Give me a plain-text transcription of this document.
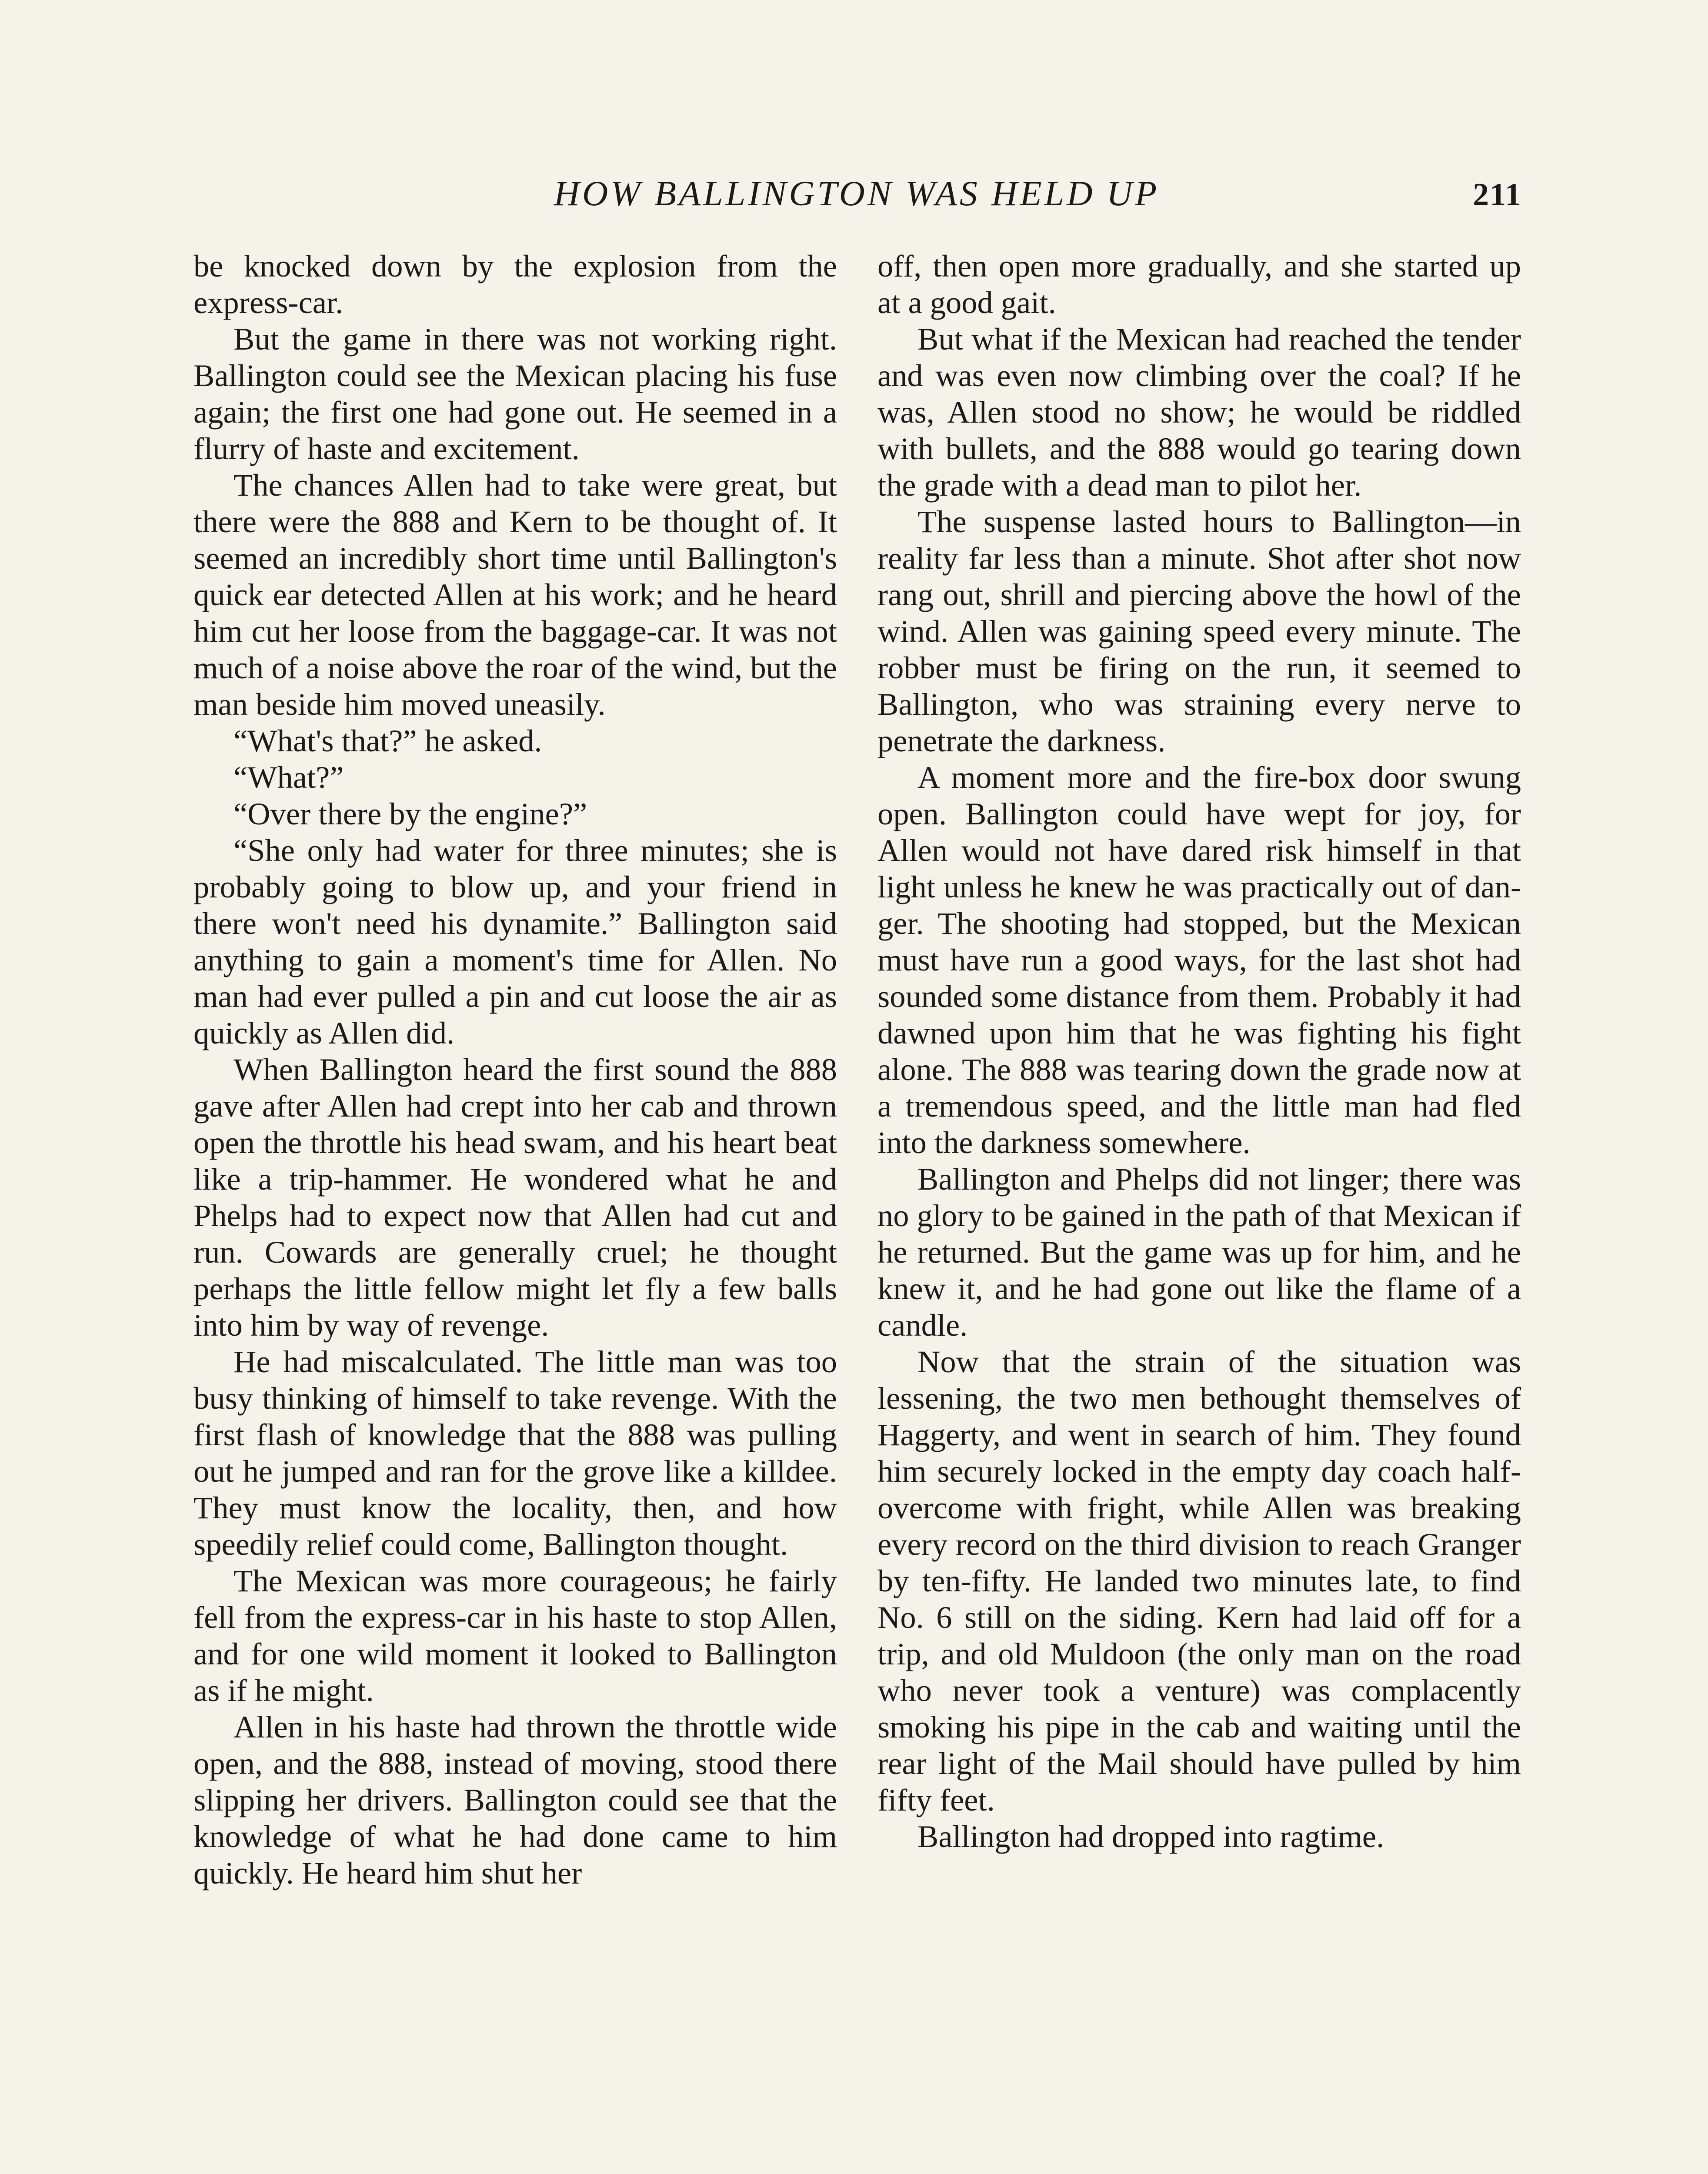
HOW BALLINGTON WAS HELD UP	211

be knocked down by the explosion from the express-car.

But the game in there was not working right. Ballington could see the Mexican placing his fuse again; the first one had gone out. He seemed in a flurry of haste and excitement.

The chances Allen had to take were great, but there were the 888 and Kern to be thought of. It seemed an incredibly short time until Ballington's quick ear detected Allen at his work; and he heard him cut her loose from the baggage-car. It was not much of a noise above the roar of the wind, but the man beside him moved uneasily.

“What's that?” he asked.

“What?”

“Over there by the engine?”

“She only had water for three minutes; she is probably going to blow up, and your friend in there won't need his dynamite.” Ballington said anything to gain a moment's time for Allen. No man had ever pulled a pin and cut loose the air as quickly as Allen did.

When Ballington heard the first sound the 888 gave after Allen had crept into her cab and thrown open the throttle his head swam, and his heart beat like a trip-hammer. He wondered what he and Phelps had to expect now that Allen had cut and run. Cowards are generally cruel; he thought perhaps the little fellow might let fly a few balls into him by way of revenge.

He had miscalculated. The little man was too busy thinking of himself to take revenge. With the first flash of knowledge that the 888 was pulling out he jumped and ran for the grove like a killdee. They must know the locality, then, and how speedily relief could come, Ballington thought.

The Mexican was more courageous; he fairly fell from the express-car in his haste to stop Allen, and for one wild moment it looked to Ballington as if he might.

Allen in his haste had thrown the throttle wide open, and the 888, instead of moving, stood there slipping her drivers. Ballington could see that the knowledge of what he had done came to him quickly. He heard him shut her

off, then open more gradually, and she started up at a good gait.

But what if the Mexican had reached the tender and was even now climbing over the coal? If he was, Allen stood no show; he would be riddled with bullets, and the 888 would go tearing down the grade with a dead man to pilot her.

The suspense lasted hours to Ballington—in reality far less than a minute. Shot after shot now rang out, shrill and piercing above the howl of the wind. Allen was gaining speed every minute. The robber must be firing on the run, it seemed to Ballington, who was straining every nerve to penetrate the darkness.

A moment more and the fire-box door swung open. Ballington could have wept for joy, for Allen would not have dared risk himself in that light unless he knew he was practically out of danger. The shooting had stopped, but the Mexican must have run a good ways, for the last shot had sounded some distance from them. Probably it had dawned upon him that he was fighting his fight alone. The 888 was tearing down the grade now at a tremendous speed, and the little man had fled into the darkness somewhere.

Ballington and Phelps did not linger; there was no glory to be gained in the path of that Mexican if he returned. But the game was up for him, and he knew it, and he had gone out like the flame of a candle.

Now that the strain of the situation was lessening, the two men bethought themselves of Haggerty, and went in search of him. They found him securely locked in the empty day coach half-overcome with fright, while Allen was breaking every record on the third division to reach Granger by ten-fifty. He landed two minutes late, to find No. 6 still on the siding. Kern had laid off for a trip, and old Muldoon (the only man on the road who never took a venture) was complacently smoking his pipe in the cab and waiting until the rear light of the Mail should have pulled by him fifty feet.

Ballington had dropped into ragtime.
